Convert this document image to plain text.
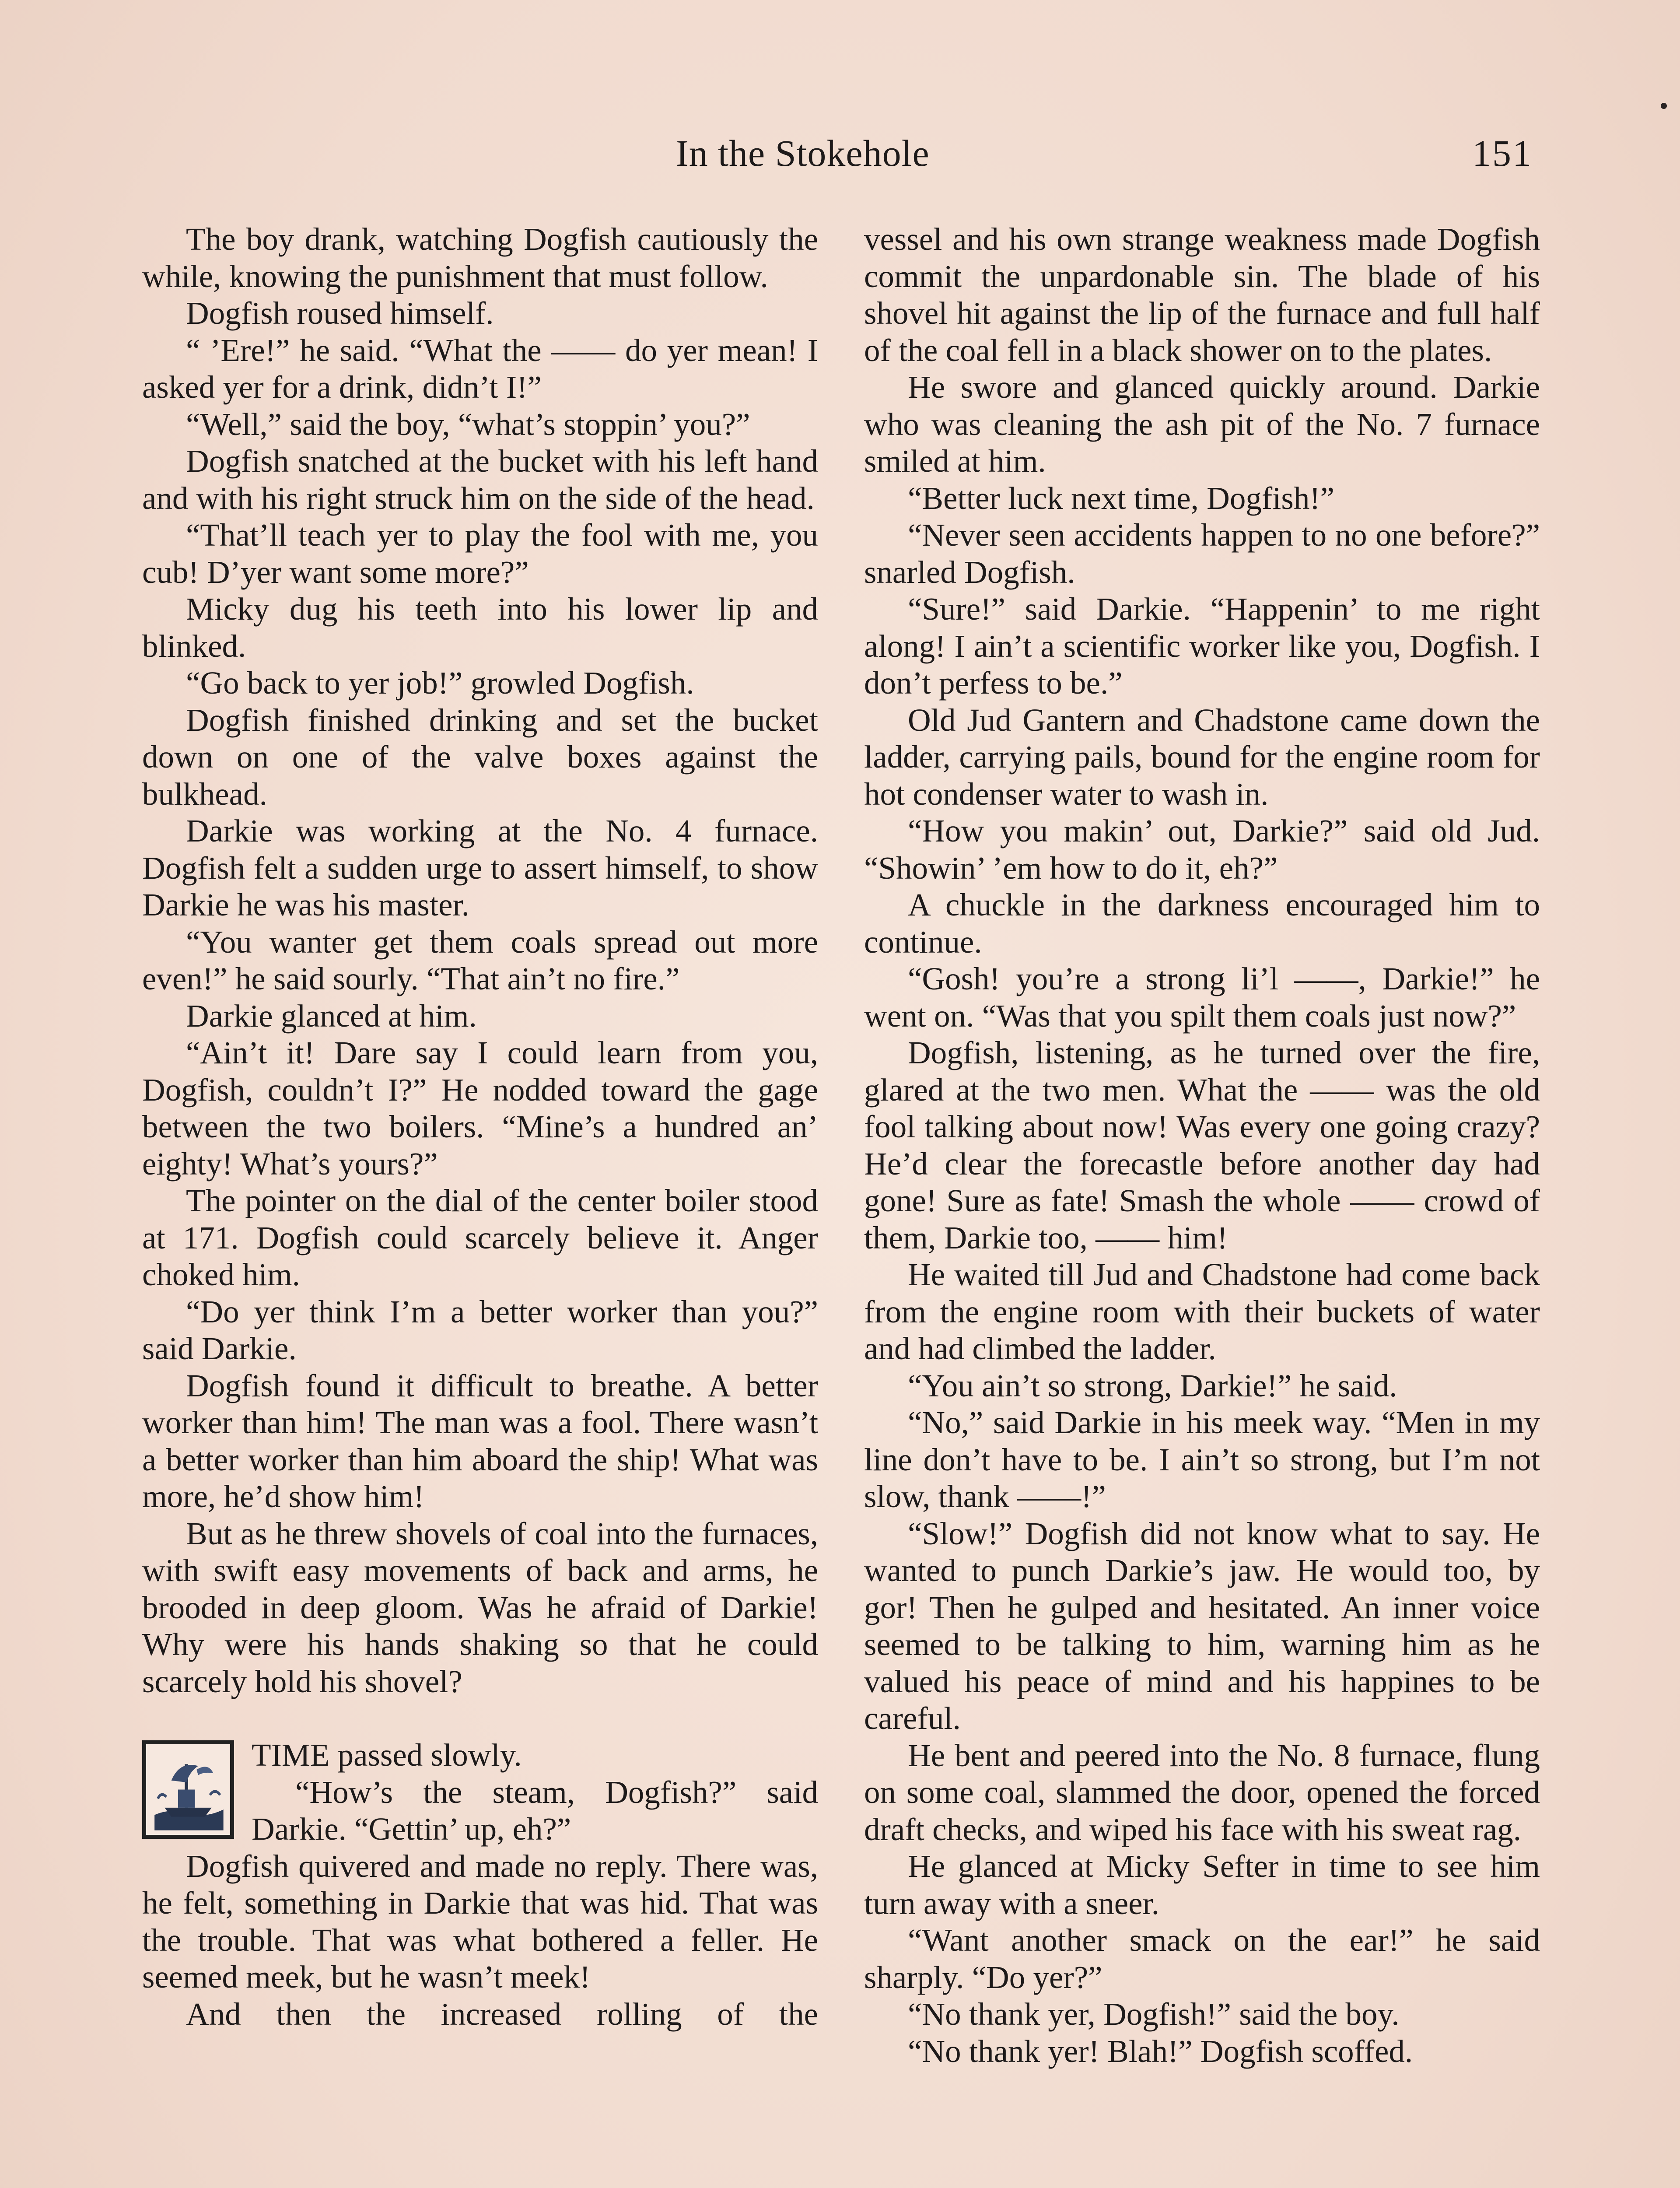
In the Stokehole	151

The boy drank, watching Dogfish cautiously the while, knowing the punishment that must follow.

Dogfish roused himself.

“ ’Ere!” he said. “What the —— do yer mean! I asked yer for a drink, didn’t I!”

“Well,” said the boy, “what’s stoppin’ you?”

Dogfish snatched at the bucket with his left hand and with his right struck him on the side of the head.

“That’ll teach yer to play the fool with me, you cub! D’yer want some more?”

Micky dug his teeth into his lower lip and blinked.

“Go back to yer job!” growled Dogfish.

Dogfish finished drinking and set the bucket down on one of the valve boxes against the bulkhead.

Darkie was working at the No. 4 furnace. Dogfish felt a sudden urge to assert himself, to show Darkie he was his master.

“You wanter get them coals spread out more even!” he said sourly. “That ain’t no fire.”

Darkie glanced at him.

“Ain’t it! Dare say I could learn from you, Dogfish, couldn’t I?” He nodded toward the gage between the two boilers. “Mine’s a hundred an’ eighty! What’s yours?”

The pointer on the dial of the center boiler stood at 171. Dogfish could scarcely believe it. Anger choked him.

“Do yer think I’m a better worker than you?” said Darkie.

Dogfish found it difficult to breathe. A better worker than him! The man was a fool. There wasn’t a better worker than him aboard the ship! What was more, he’d show him!

But as he threw shovels of coal into the furnaces, with swift easy movements of back and arms, he brooded in deep gloom. Was he afraid of Darkie! Why were his hands shaking so that he could scarcely hold his shovel?

TIME passed slowly.

“How’s the steam, Dogfish?” said Darkie. “Gettin’ up, eh?”

Dogfish quivered and made no reply. There was, he felt, something in Darkie that was hid. That was the trouble. That was what bothered a feller. He seemed meek, but he wasn’t meek!

And then the increased rolling of the

vessel and his own strange weakness made Dogfish commit the unpardonable sin. The blade of his shovel hit against the lip of the furnace and full half of the coal fell in a black shower on to the plates.

He swore and glanced quickly around. Darkie who was cleaning the ash pit of the No. 7 furnace smiled at him.

“Better luck next time, Dogfish!”

“Never seen accidents happen to no one before?” snarled Dogfish.

“Sure!” said Darkie. “Happenin’ to me right along! I ain’t a scientific worker like you, Dogfish. I don’t perfess to be.”

Old Jud Gantern and Chadstone came down the ladder, carrying pails, bound for the engine room for hot condenser water to wash in.

“How you makin’ out, Darkie?” said old Jud. “Showin’ ’em how to do it, eh?”

A chuckle in the darkness encouraged him to continue.

“Gosh! you’re a strong li’l ——, Darkie!” he went on. “Was that you spilt them coals just now?”

Dogfish, listening, as he turned over the fire, glared at the two men. What the —— was the old fool talking about now! Was every one going crazy? He’d clear the forecastle before another day had gone! Sure as fate! Smash the whole —— crowd of them, Darkie too, —— him!

He waited till Jud and Chadstone had come back from the engine room with their buckets of water and had climbed the ladder.

“You ain’t so strong, Darkie!” he said.

“No,” said Darkie in his meek way. “Men in my line don’t have to be. I ain’t so strong, but I’m not slow, thank ——!”

“Slow!” Dogfish did not know what to say. He wanted to punch Darkie’s jaw. He would too, by gor! Then he gulped and hesitated. An inner voice seemed to be talking to him, warning him as he valued his peace of mind and his happines to be careful.

He bent and peered into the No. 8 furnace, flung on some coal, slammed the door, opened the forced draft checks, and wiped his face with his sweat rag.

He glanced at Micky Sefter in time to see him turn away with a sneer.

“Want another smack on the ear!” he said sharply. “Do yer?”

“No thank yer, Dogfish!” said the boy.

“No thank yer! Blah!” Dogfish scoffed.
